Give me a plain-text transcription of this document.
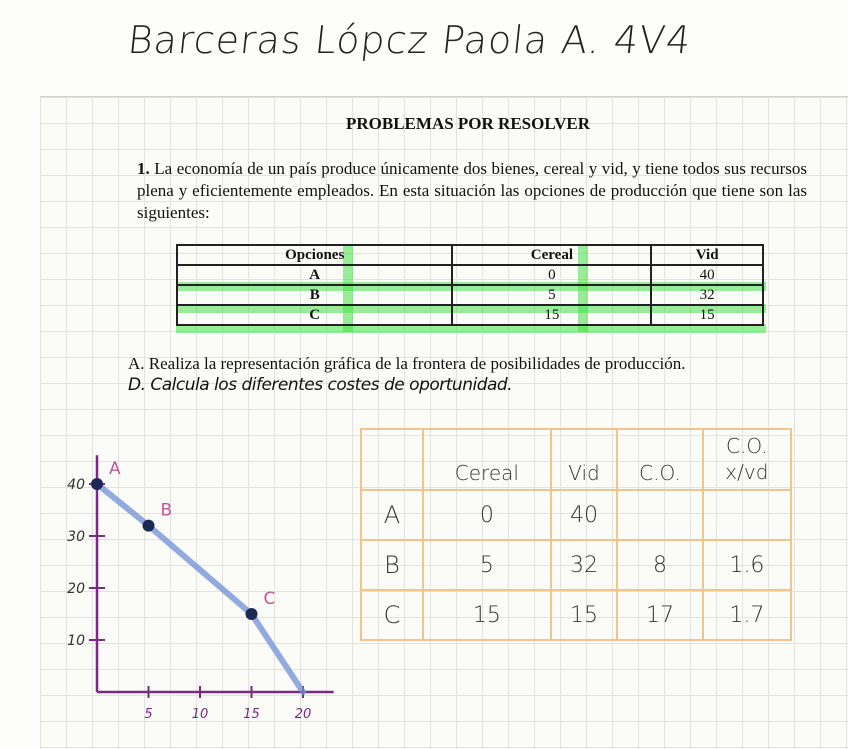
Barceras Lópcz Paola A. 4V4
PROBLEMAS POR RESOLVER
1. La economía de un país produce únicamente dos bienes, cereal y vid, y tiene todos sus recursos plena y eficientemente empleados. En esta situación las opciones de producción que tiene son las siguientes:
Opciones	Cereal	Vid
A	0	40
B	5	32
C	15	15
A. Realiza la representación gráfica de la frontera de posibilidades de producción.
D. Calcula los diferentes costes de oportunidad.
5	10	15	20
10
20
30
40
A
B
C
	Cereal	Vid	C.O.	C.O.
x/vd
A	0	40		
B	5	32	8	1.6
C	15	15	17	1.7
